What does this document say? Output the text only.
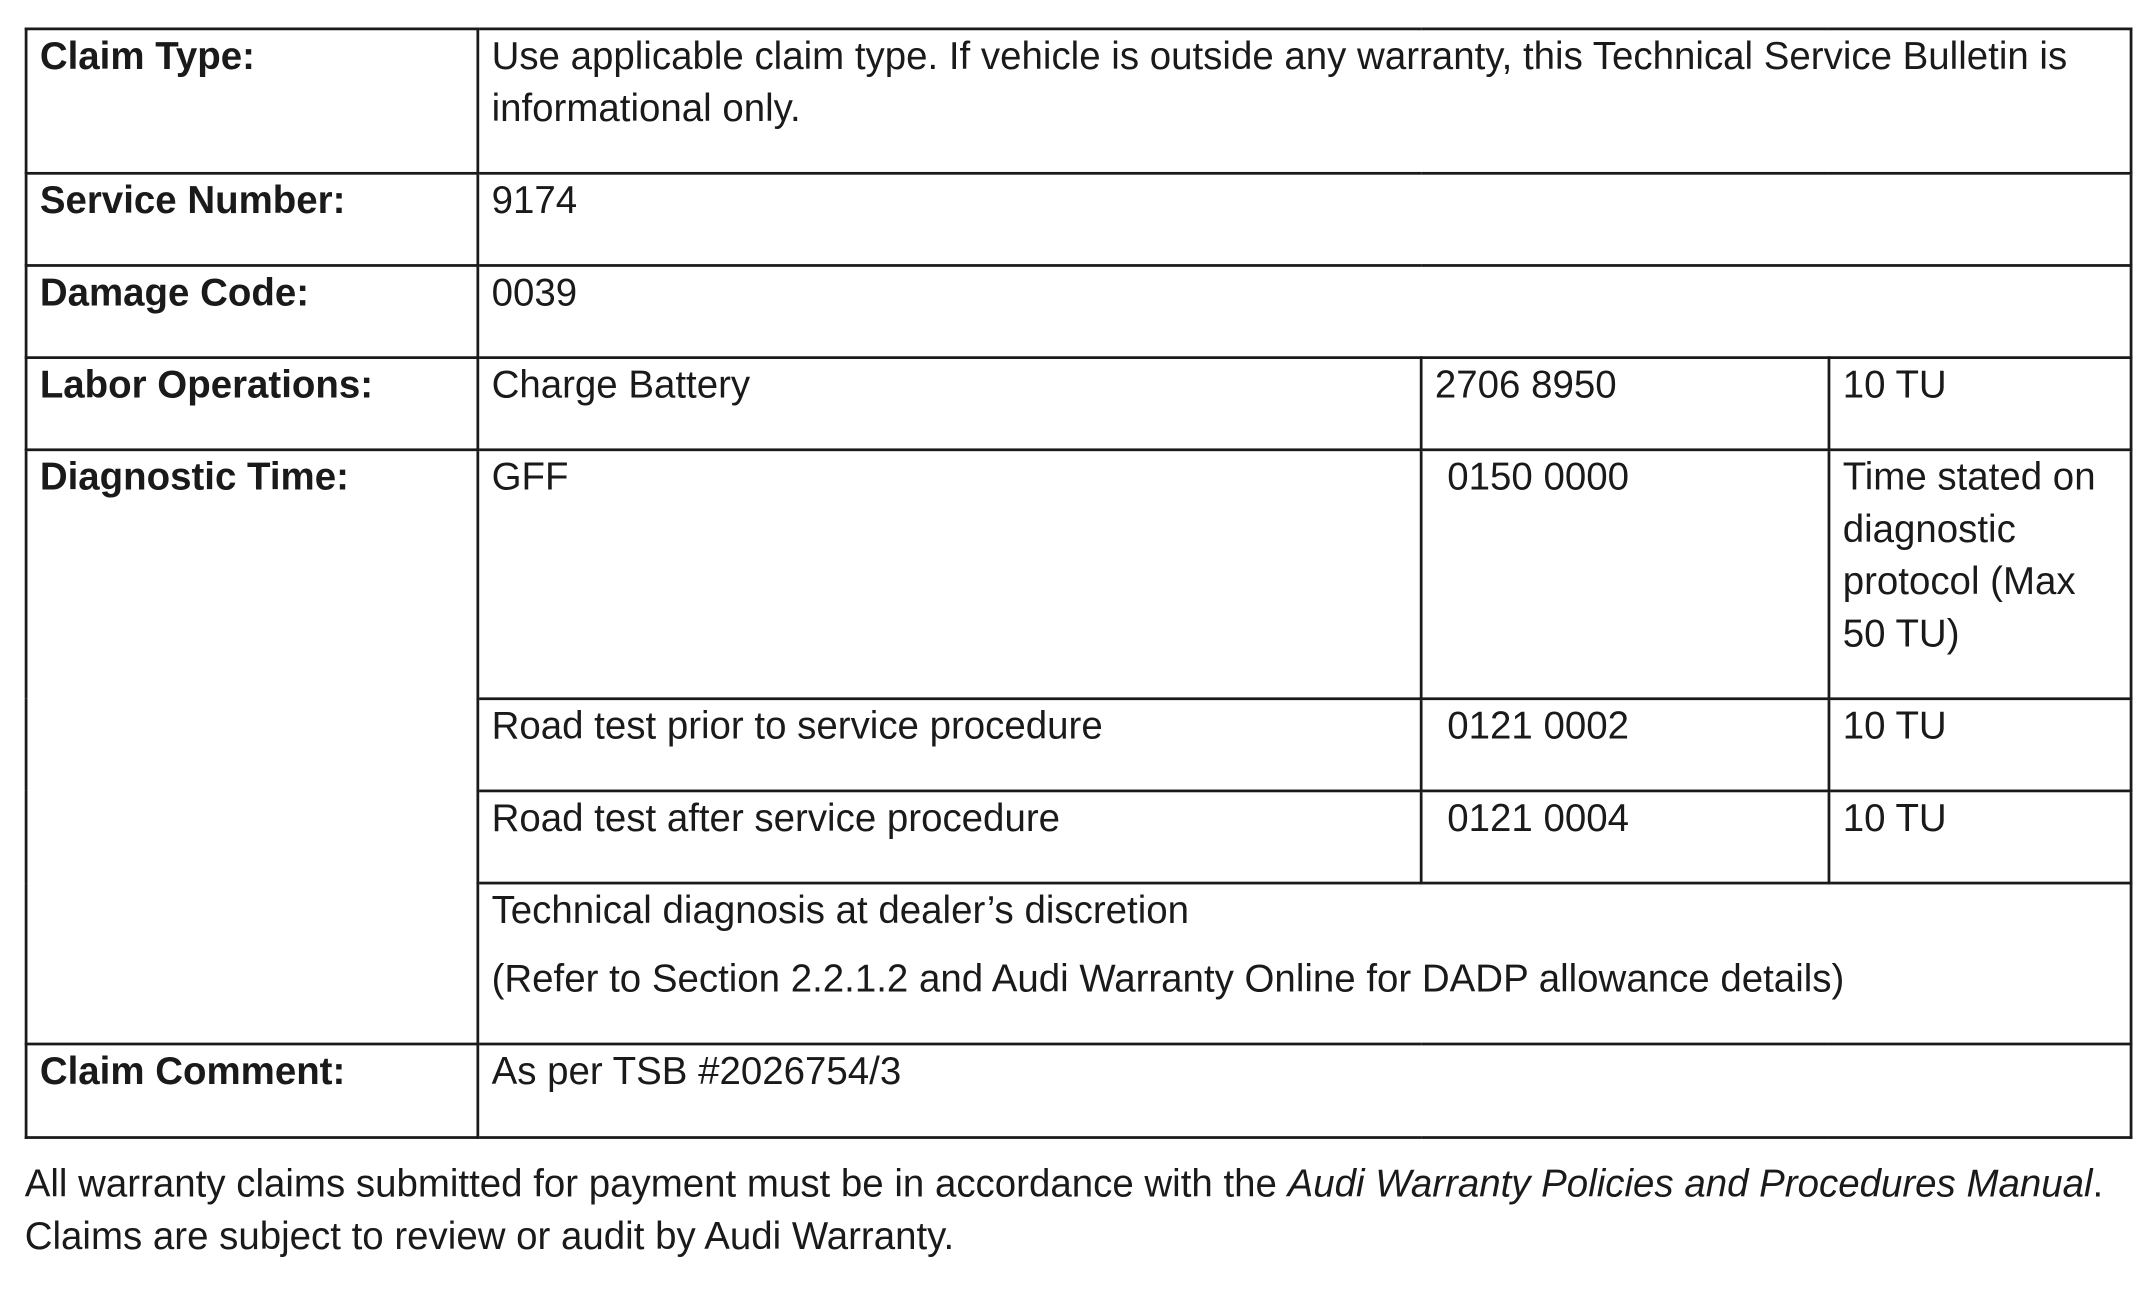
Claim Type:	Use applicable claim type. If vehicle is outside any warranty, this Technical Service Bulletin is informational only.		
Service Number:	9174		
Damage Code:	0039		
Labor Operations:	Charge Battery	2706 8950	10 TU
Diagnostic Time:	GFF	0150 0000	Time stated on diagnostic protocol (Max 50 TU)
	Road test prior to service procedure	0121 0002	10 TU
	Road test after service procedure	0121 0004	10 TU
	Technical diagnosis at dealer’s discretion
(Refer to Section 2.2.1.2 and Audi Warranty Online for DADP allowance details)		

Claim Comment:	As per TSB #2026754/3		

All warranty claims submitted for payment must be in accordance with the Audi Warranty Policies and Procedures Manual. Claims are subject to review or audit by Audi Warranty.
